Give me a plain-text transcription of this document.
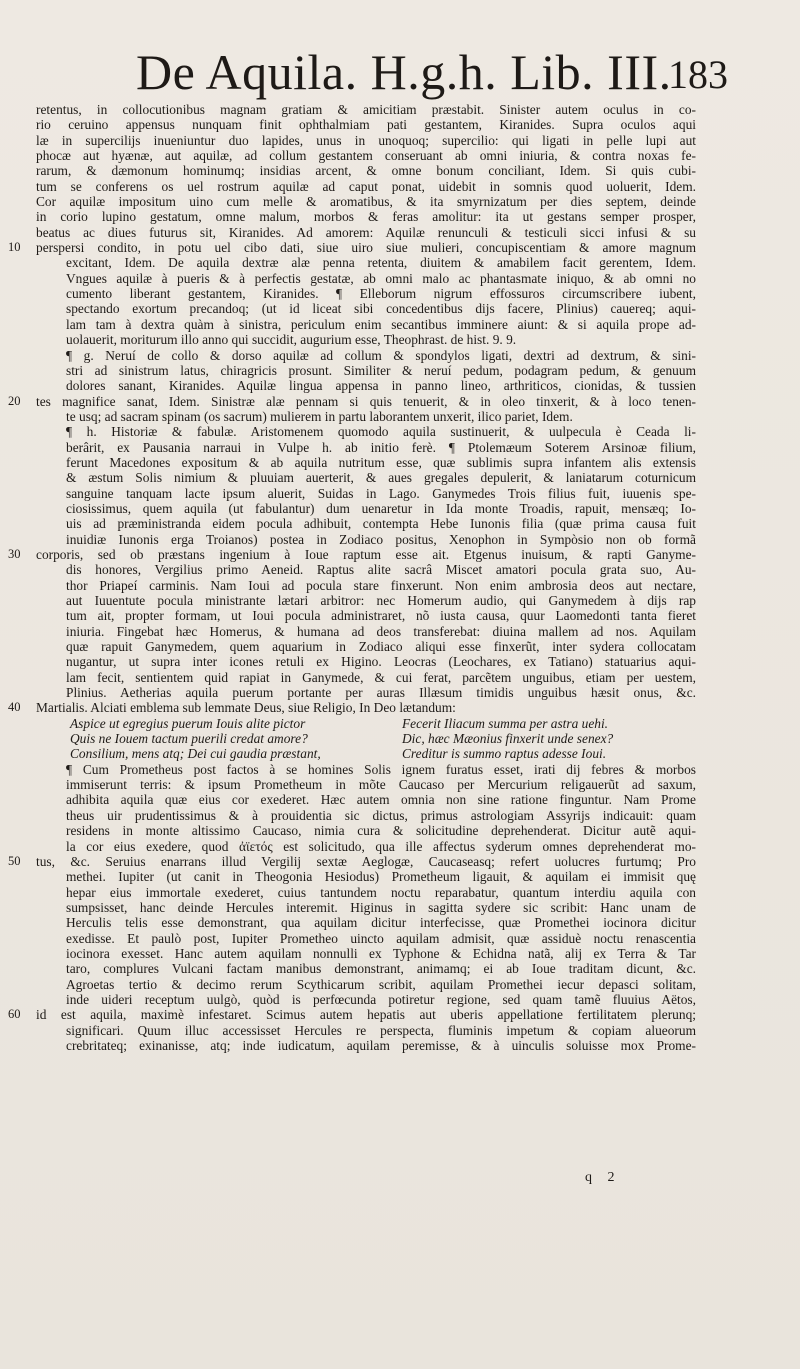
De Aquila. H.g.h. Lib. III.
183
retentus, in collocutionibus magnam gratiam & amicitiam præstabit. Sinister autem oculus in co-
rio ceruino appensus nunquam finit ophthalmiam pati gestantem, Kiranides. Supra oculos aqui
læ in supercilijs inueniuntur duo lapides, unus in unoquoq; supercilio: qui ligati in pelle lupi aut
phocæ aut hyænæ, aut aquilæ, ad collum gestantem conseruant ab omni iniuria, & contra noxas fe-
rarum, & dæmonum hominumq; insidias arcent, & omne bonum conciliant, Idem. Si quis cubi-
tum se conferens os uel rostrum aquilæ ad caput ponat, uidebit in somnis quod uoluerit, Idem.
Cor aquilæ impositum uino cum melle & aromatibus, & ita smyrnizatum per dies septem, deinde
in corio lupino gestatum, omne malum, morbos & feras amolitur: ita ut gestans semper prosper,
beatus ac diues futurus sit, Kiranides. Ad amorem: Aquilæ renunculi & testiculi sicci infusi & su
10	perspersi condito, in potu uel cibo dati, siue uiro siue mulieri, concupiscentiam & amore magnum
excitant, Idem. De aquila dextræ alæ penna retenta, diuitem & amabilem facit gerentem, Idem.
Vngues aquilæ à pueris & à perfectis gestatæ, ab omni malo ac phantasmate iniquo, & ab omni no
cumento liberant gestantem, Kiranides. ¶ Elleborum nigrum effossuros circumscribere iubent,
spectando exortum precandoq; (ut id liceat sibi concedentibus dijs facere, Plinius) cauereq; aqui-
lam tam à dextra quàm à sinistra, periculum enim secantibus imminere aiunt: & si aquila prope ad-
uolauerit, moriturum illo anno qui succidit, augurium esse, Theophrast. de hist. 9. 9.
¶ g. Neruí de collo & dorso aquilæ ad collum & spondylos ligati, dextri ad dextrum, & sini-
stri ad sinistrum latus, chiragricis prosunt. Similiter & neruí pedum, podagram pedum, & genuum
dolores sanant, Kiranides. Aquilæ lingua appensa in panno lineo, arthriticos, cionidas, & tussien
20	tes magnifice sanat, Idem. Sinistræ alæ pennam si quis tenuerit, & in oleo tinxerit, & à loco tenen-
te usq; ad sacram spinam (os sacrum) mulierem in partu laborantem unxerit, ilico pariet, Idem.
¶ h. Historiæ & fabulæ. Aristomenem quomodo aquila sustinuerit, & uulpecula è Ceada li-
berârit, ex Pausania narraui in Vulpe h. ab initio ferè. ¶ Ptolemæum Soterem Arsinoæ filium,
ferunt Macedones expositum & ab aquila nutritum esse, quæ sublimis supra infantem alis extensis
& æstum Solis nimium & pluuiam auerterit, & aues gregales depulerit, & laniatarum coturnicum
sanguine tanquam lacte ipsum aluerit, Suidas in Lago. Ganymedes Trois filius fuit, iuuenis spe-
ciosissimus, quem aquila (ut fabulantur) dum uenaretur in Ida monte Troadis, rapuit, mensæq; Io-
uis ad præministranda eidem pocula adhibuit, contempta Hebe Iunonis filia (quæ prima causa fuit
inuidiæ Iunonis erga Troianos) postea in Zodiaco positus, Xenophon in Sympòsio non ob formã
30	corporis, sed ob præstans ingenium à Ioue raptum esse ait. Etgenus inuisum, & rapti Ganyme-
dis honores, Vergilius primo Aeneid. Raptus alite sacrâ Miscet amatori pocula grata suo, Au-
thor Priapeí carminis. Nam Ioui ad pocula stare finxerunt. Non enim ambrosia deos aut nectare,
aut Iuuentute pocula ministrante lætari arbitror: nec Homerum audio, qui Ganymedem à dijs rap
tum ait, propter formam, ut Ioui pocula administraret, nõ iusta causa, quur Laomedonti tanta fieret
iniuria. Fingebat hæc Homerus, & humana ad deos transferebat: diuina mallem ad nos. Aquilam
quæ rapuit Ganymedem, quem aquarium in Zodiaco aliqui esse finxerũt, inter sydera collocatam
nugantur, ut supra inter icones retuli ex Higino. Leocras (Leochares, ex Tatiano) statuarius aqui-
lam fecit, sentientem quid rapiat in Ganymede, & cui ferat, parcẽtem unguibus, etiam per uestem,
Plinius. Aetherias aquila puerum portante per auras Illæsum timidis unguibus hæsit onus, &c.
40	Martialis. Alciati emblema sub lemmate Deus, siue Religio, In Deo lætandum:
Aspice ut egregius puerum Iouis alite pictor	Fecerit Iliacum summa per astra uehi.
Quis ne Iouem tactum puerili credat amore?	Dic, hæc Mæonius finxerit unde senex?
Consilium, mens atq; Dei cui gaudia præstant,	Creditur is summo raptus adesse Ioui.
¶ Cum Prometheus post factos à se homines Solis ignem furatus esset, irati dij febres & morbos
immiserunt terris: & ipsum Prometheum in mõte Caucaso per Mercurium religauerũt ad saxum,
adhibita aquila quæ eius cor exederet. Hæc autem omnia non sine ratione finguntur. Nam Prome
theus uir prudentissimus & à prouidentia sic dictus, primus astrologiam Assyrijs indicauit: quam
residens in monte altissimo Caucaso, nimia cura & solicitudine deprehenderat. Dicitur autẽ aqui-
la cor eius exedere, quod ἀϊετός est solicitudo, qua ille affectus syderum omnes deprehenderat mo-
50	tus, &c. Seruius enarrans illud Vergilij sextæ Aeglogæ, Caucaseasq; refert uolucres furtumq; Pro
methei. Iupiter (ut canit in Theogonia Hesiodus) Prometheum ligauit, & aquilam ei immisit quę
hepar eius immortale exederet, cuius tantundem noctu reparabatur, quantum interdiu aquila con
sumpsisset, hanc deinde Hercules interemit. Higinus in sagitta sydere sic scribit: Hanc unam de
Herculis telis esse demonstrant, qua aquilam dicitur interfecisse, quæ Promethei iocinora dicitur
exedisse. Et paulò post, Iupiter Prometheo uincto aquilam admisit, quæ assiduè noctu renascentia
iocinora exesset. Hanc autem aquilam nonnulli ex Typhone & Echidna natã, alij ex Terra & Tar
taro, complures Vulcani factam manibus demonstrant, animamq; ei ab Ioue traditam dicunt, &c.
Agroetas tertio & decimo rerum Scythicarum scribit, aquilam Promethei iecur depasci solitam,
inde uideri receptum uulgò, quòd is perfœcunda potiretur regione, sed quam tamẽ fluuius Aëtos,
60	id est aquila, maximè infestaret. Scimus autem hepatis aut uberis appellatione fertilitatem plerunq;
significari. Quum illuc accessisset Hercules re perspecta, fluminis impetum & copiam alueorum
crebritateq; exinanisse, atq; inde iudicatum, aquilam peremisse, & à uinculis soluisse mox Prome-
q 2
